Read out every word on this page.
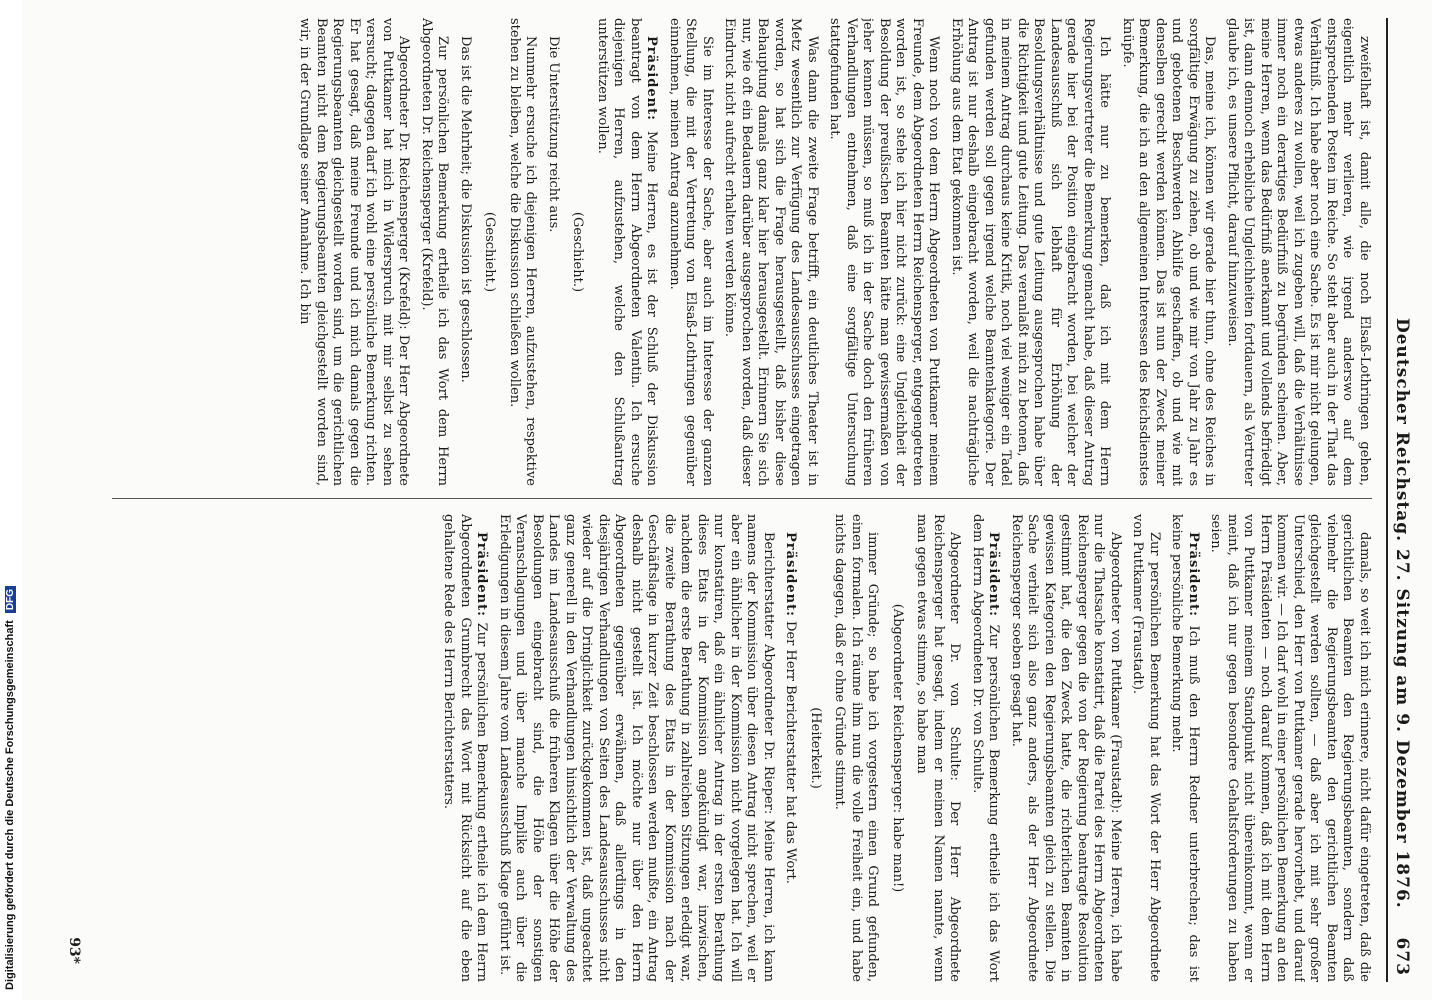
Digitalisierung gefördert durch die Deutsche Forschungsgemeinschaft DFG	Deutscher Reichstag. 27. Sitzung am 9. Dezember 1876.
673

zweifelhaft ist, damit alle, die noch Elsaß-Lothringen gehen, eigentlich mehr verlieren, wie irgend anderswo auf dem entsprechenden Posten im Reiche. So steht aber auch in der That das Verhältniß. Ich habe aber noch eine Sache. Es ist mir nicht gelungen, etwas anderes zu wollen, weil ich zugeben will, daß die Verhältnisse immer noch ein derartiges Bedürfniß zu begründen scheinen. Aber, meine Herren, wenn das Bedürfniß anerkannt und vollends befriedigt ist, dann dennoch erhebliche Ungleichheiten fortdauern, als Vertreter glaube ich, es unsere Pflicht, darauf hinzuweisen.

Das, meine ich, können wir gerade hier thun, ohne des Reiches in sorgfältige Erwägung zu ziehen, ob und wie mir von Jahr zu Jahr es und gebotenen Beschwerden Abhilfe geschaffen, ob und wie mit denselben gerecht werden können. Das ist nun der Zweck meiner Bemerkung, die ich an den allgemeinen Interessen des Reichsdienstes knüpfe.

Ich hätte nur zu bemerken, daß ich mit dem Herrn Regierungsvertreter die Bemerkung gemacht habe, daß dieser Antrag gerade hier bei der Position eingebracht worden, bei welcher der Landesausschuß sich lebhaft für Erhöhung der Besoldungsverhältnisse und gute Leitung ausgesprochen habe über die Richtigkeit und gute Leitung. Das veranlaßt mich zu betonen, daß in meinem Antrag durchaus keine Kritik, noch viel weniger ein Tadel gefunden werden soll gegen irgend welche Beamtenkategorie. Der Antrag ist nur deshalb eingebracht worden, weil die nachträgliche Erhöhung aus dem Etat gekommen ist.

Wenn noch von dem Herrn Abgeordneten von Puttkamer meinem Freunde, dem Abgeordneten Herrn Reichensperger, entgegengetreten worden ist, so stehe ich hier nicht zurück: eine Ungleichheit der Besoldung der preußischen Beamten hätte man gewissermaßen von jeher kennen müssen, so muß ich in der Sache doch den früheren Verhandlungen entnehmen, daß eine sorgfältige Untersuchung stattgefunden hat.

Was dann die zweite Frage betrifft, ein deutliches Theater ist in Metz wesentlich zur Verfügung des Landesausschusses eingetragen worden, so hat sich die Frage herausgestellt, daß bisher diese Behauptung damals ganz klar hier herausgestellt. Erinnern Sie sich nur, wie oft ein Bedauern darüber ausgesprochen worden, daß dieser Eindruck nicht aufrecht erhalten werden könne.

Sie im Interesse der Sache, aber auch im Interesse der ganzen Stellung, die mit der Vertretung von Elsaß-Lothringen gegenüber einnehmen, meinen Antrag anzunehmen.

Präsident: Meine Herren, es ist der Schluß der Diskussion beantragt von dem Herrn Abgeordneten Valentin. Ich ersuche diejenigen Herren, aufzustehen, welche den Schlußantrag unterstützen wollen.

(Geschieht.)

Die Unterstützung reicht aus.

Nunmehr ersuche ich diejenigen Herren, aufzustehen, respektive stehen zu bleiben, welche die Diskussion schließen wollen.

(Geschieht.)

Das ist die Mehrheit; die Diskussion ist geschlossen.

Zur persönlichen Bemerkung ertheile ich das Wort dem Herrn Abgeordneten Dr. Reichensperger (Krefeld).

Abgeordneter Dr. Reichensperger (Krefeld): Der Herr Abgeordnete von Puttkamer hat mich in Widerspruch mit mir selbst zu sehen versucht; dagegen darf ich wohl eine persönliche Bemerkung richten. Er hat gesagt, daß meine Freunde und ich mich damals gegen die Regierungsbeamten gleichgestellt worden sind, um die gerichtlichen Beamten nicht dem Regierungsbeamten gleichgestellt worden sind, wir, in der Grundlage seiner Annahme. Ich bin

damals, so weit ich mich erinnere, nicht dafür eingetreten, daß die gerichtlichen Beamten den Regierungsbeamten, sondern daß vielmehr die Regierungsbeamten den gerichtlichen Beamten gleichgestellt werden sollten, — daß aber ich mit sehr großer Unterschied, den Herr von Puttkamer gerade hervorhebt, und darauf kommen wir. — Ich darf wohl in einer persönlichen Bemerkung an den Herrn Präsidenten — noch darauf kommen, daß ich mit dem Herrn von Puttkamer meinem Standpunkt nicht übereinkommt, wenn er meint, daß ich nur gegen besondere Gehaltsforderungen zu haben seien.

Präsident: Ich muß den Herrn Redner unterbrechen; das ist keine persönliche Bemerkung mehr.

Zur persönlichen Bemerkung hat das Wort der Herr Abgeordnete von Puttkamer (Fraustadt).

Abgeordneter von Puttkamer (Fraustadt): Meine Herren, ich habe nur die Thatsache konstatirt, daß die Partei des Herrn Abgeordneten Reichensperger gegen die von der Regierung beantragte Resolution gestimmt hat, die den Zweck hatte, die richterlichen Beamten in gewissen Kategorien den Regierungsbeamten gleich zu stellen. Die Sache verhielt sich also ganz anders, als der Herr Abgeordnete Reichensperger soeben gesagt hat.

Präsident: Zur persönlichen Bemerkung ertheile ich das Wort dem Herrn Abgeordneten Dr. von Schulte.

Abgeordneter Dr. von Schulte: Der Herr Abgeordnete Reichensperger hat gesagt, indem er meinen Namen nannte, wenn man gegen etwas stimme, so habe man

(Abgeordneter Reichensperger: habe man!)

immer Gründe; so habe ich vorgestern einen Grund gefunden, einen formalen. Ich räume ihm nun die volle Freiheit ein, und habe nichts dagegen, daß er ohne Gründe stimmt.

(Heiterkeit.)

Präsident: Der Herr Berichterstatter hat das Wort.

Berichterstatter Abgeordneter Dr. Rieper: Meine Herren, ich kann namens der Kommission über diesen Antrag nicht sprechen, weil er aber ein ähnlicher in der Kommission nicht vorgelegen hat. Ich will nur konstatiren, daß ein ähnlicher Antrag in der ersten Berathung dieses Etats in der Kommission angekündigt war, inzwischen, nachdem die erste Berathung in zahlreichen Sitzungen erledigt war, die zweite Berathung des Etats in der Kommission nach der Geschäftslage in kurzer Zeit beschlossen werden mußte, ein Antrag deshalb nicht gestellt ist. Ich möchte nur über den Herrn Abgeordneten gegenüber erwähnen, daß allerdings in den diesjährigen Verhandlungen von Seiten des Landesausschusses nicht wieder auf die Dringlichkeit zurückgekommen ist, daß ungeachtet ganz generell in den Verhandlungen hinsichtlich der Verwaltung des Landes im Landesausschuß die früheren Klagen über die Höhe der Besoldungen eingebracht sind, die Höhe der sonstigen Veranschlagungen und über manche Implike auch über die Erledigungen in diesem Jahre vom Landesausschuß Klage geführt ist.

Präsident: Zur persönlichen Bemerkung ertheile ich dem Herrn Abgeordneten Grumbrecht das Wort mit Rücksicht auf die eben gehaltene Rede des Herrn Berichterstatters.

93*
